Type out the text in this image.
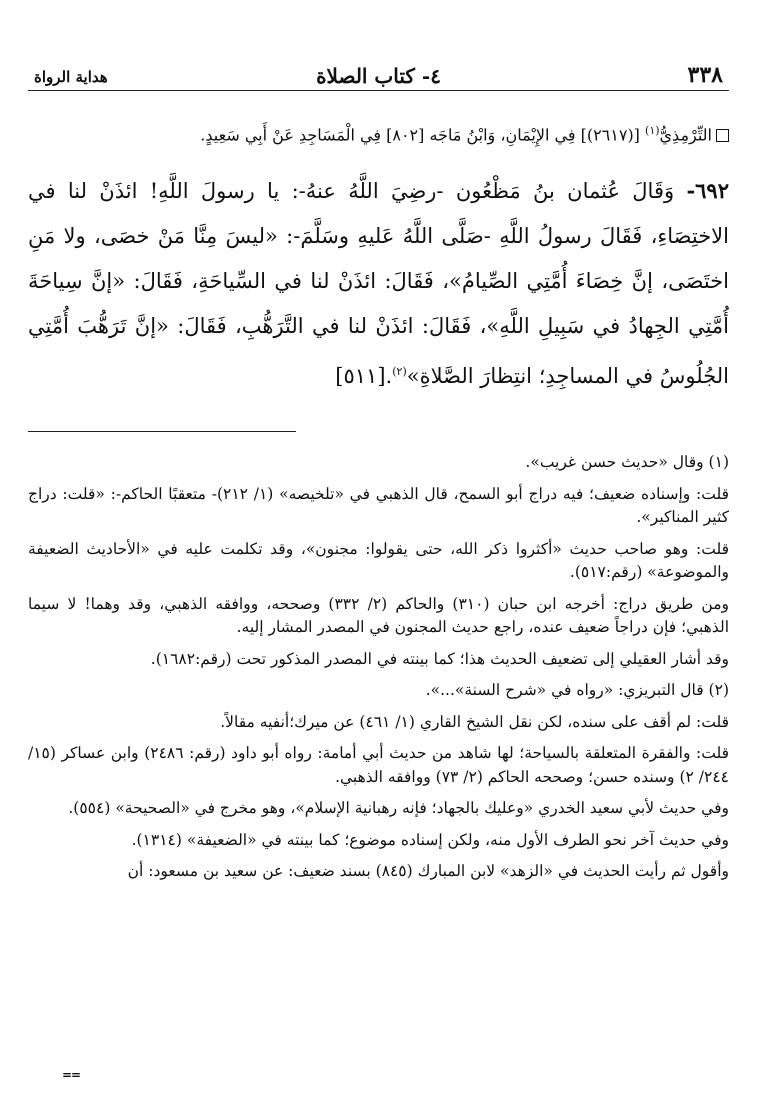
٣٣٨
٤- كتاب الصلاة
هداية الرواة
التِّرْمِذِيُّ$^{(١)}$ [(٢٦١٧)] فِي الإِيْمَانِ، وَابْنُ مَاجَه [٨٠٢] فِي الْمَسَاجِدِ عَنْ أَبِي سَعِيدٍ.

٦٩٢- وَقَالَ عُثمان بنُ مَظْعُون -رضِيَ اللَّهُ عنهُ-: يا رسولَ اللَّهِ! ائذَنْ لنا في الاختِصَاءِ، فَقَالَ رسولُ اللَّهِ -صَلَّى اللَّهُ عَليهِ وسَلَّمَ-: «ليسَ مِنَّا مَنْ خصَى، ولا مَنِ اختَصَى، إنَّ خِصَاءَ أُمَّتِي الصِّيامُ»، فَقَالَ: ائذَنْ لنا في السِّياحَةِ، فَقَالَ: «إنَّ سِياحَةَ أُمَّتِي الجِهادُ في سَبِيلِ اللَّهِ»، فَقَالَ: ائذَنْ لنا في التَّرَهُّبِ، فَقَالَ: «إنَّ تَرَهُّبَ أُمَّتِي الجُلُوسُ في المساجِدِ؛ انتِظارَ الصَّلاةِ»$^{(٢)}$.[٥١١]

(١) وقال «حديث حسن غريب».

قلت: وإسناده ضعيف؛ فيه دراج أبو السمح، قال الذهبي في «تلخيصه» (١/ ٢١٢)- متعقبًا الحاكم-: «قلت: دراج كثير المناكير».

قلت: وهو صاحب حديث «أكثروا ذكر الله، حتى يقولوا: مجنون»، وقد تكلمت عليه في «الأحاديث الضعيفة والموضوعة» (رقم:٥١٧).

ومن طريق دراج: أخرجه ابن حبان (٣١٠) والحاكم (٢/ ٣٣٢) وصححه، ووافقه الذهبي، وقد وهما! لا سيما الذهبي؛ فإن دراجاً ضعيف عنده، راجع حديث المجنون في المصدر المشار إليه.

وقد أشار العقيلي إلى تضعيف الحديث هذا؛ كما بينته في المصدر المذكور تحت (رقم:١٦٨٢).

(٢) قال التبريزي: «رواه في «شرح السنة»...».

قلت: لم أقف على سنده، لكن نقل الشيخ القاري (١/ ٤٦١) عن ميرك؛أنفيه مقالاً.

قلت: والفقرة المتعلقة بالسياحة؛ لها شاهد من حديث أبي أمامة: رواه أبو داود (رقم: ٢٤٨٦) وابن عساكر (١٥/ ٢٤٤/ ٢) وسنده حسن؛ وصححه الحاكم (٢/ ٧٣) ووافقه الذهبي.

وفي حديث لأبي سعيد الخدري «وعليك بالجهاد؛ فإنه رهبانية الإسلام»، وهو مخرج في «الصحيحة» (٥٥٤).

وفي حديث آخر نحو الطرف الأول منه، ولكن إسناده موضوع؛ كما بينته في «الضعيفة» (١٣١٤).

وأقول ثم رأيت الحديث في «الزهد» لابن المبارك (٨٤٥) بسند ضعيف: عن سعيد بن مسعود: أن

==
